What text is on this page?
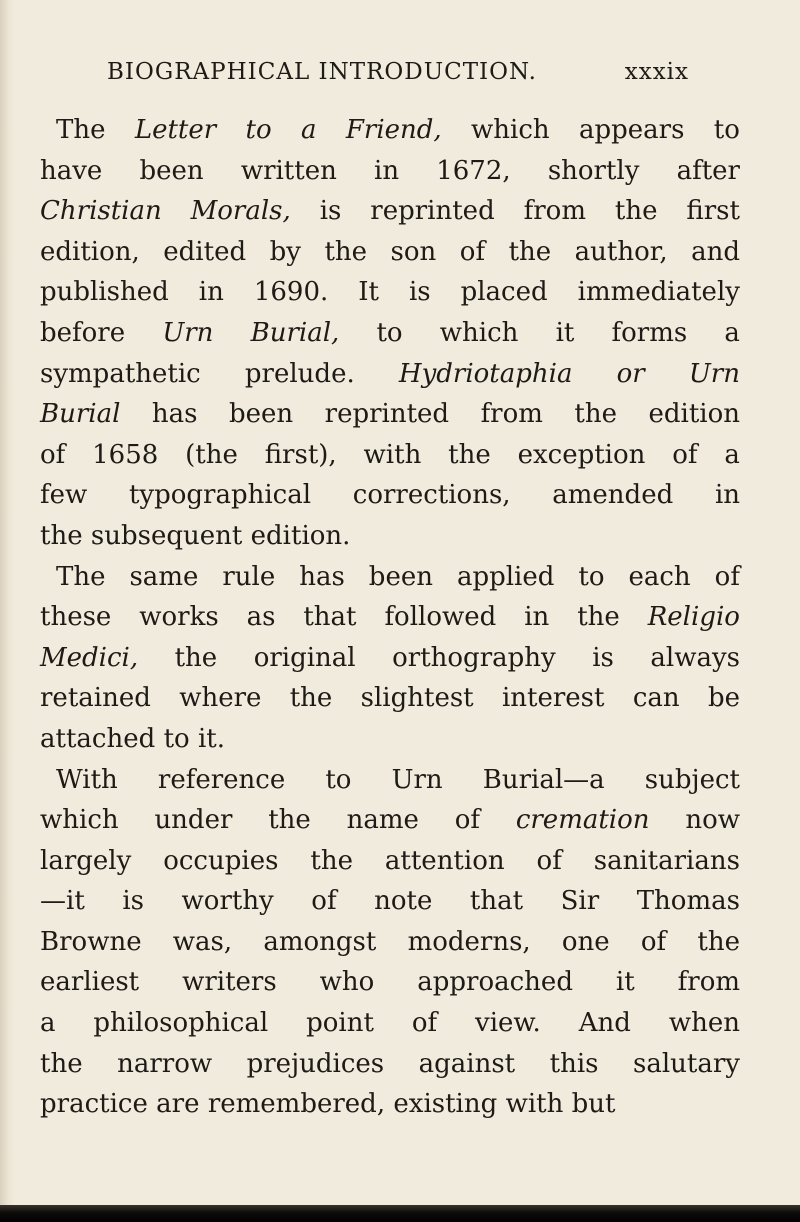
BIOGRAPHICAL INTRODUCTION.	xxxix
The Letter to a Friend, which appears to
have been written in 1672, shortly after
Christian Morals, is reprinted from the first
edition, edited by the son of the author, and
published in 1690. It is placed immediately
before Urn Burial, to which it forms a
sympathetic prelude. Hydriotaphia or Urn
Burial has been reprinted from the edition
of 1658 (the first), with the exception of a
few typographical corrections, amended in
the subsequent edition.
The same rule has been applied to each of
these works as that followed in the Religio
Medici, the original orthography is always
retained where the slightest interest can be
attached to it.
With reference to Urn Burial—a subject
which under the name of cremation now
largely occupies the attention of sanitarians
—it is worthy of note that Sir Thomas
Browne was, amongst moderns, one of the
earliest writers who approached it from
a philosophical point of view. And when
the narrow prejudices against this salutary
practice are remembered, existing with but
